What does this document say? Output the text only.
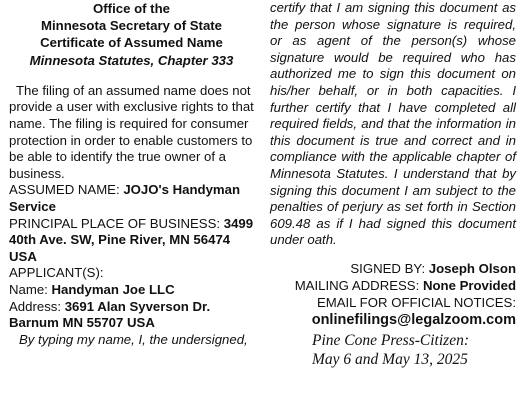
Office of the
Minnesota Secretary of State
Certificate of Assumed Name
Minnesota Statutes, Chapter 333
The filing of an assumed name does not provide a user with exclusive rights to that name. The filing is required for consumer protection in order to enable customers to be able to identify the true owner of a business.
ASSUMED NAME: JOJO's Handyman Service
PRINCIPAL PLACE OF BUSINESS: 3499 40th Ave. SW, Pine River, MN 56474 USA
APPLICANT(S):
Name: Handyman Joe LLC
Address: 3691 Alan Syverson Dr. Barnum MN 55707 USA
By typing my name, I, the undersigned,
certify that I am signing this document as the person whose signature is required, or as agent of the person(s) whose signature would be required who has authorized me to sign this document on his/her behalf, or in both capacities. I further certify that I have completed all required fields, and that the information in this document is true and correct and in compliance with the applicable chapter of Minnesota Statutes. I understand that by signing this document I am subject to the penalties of perjury as set forth in Section 609.48 as if I had signed this document under oath.
SIGNED BY: Joseph Olson
MAILING ADDRESS: None Provided
EMAIL FOR OFFICIAL NOTICES:
onlinefilings@legalzoom.com
Pine Cone Press-Citizen:
May 6 and May 13, 2025
